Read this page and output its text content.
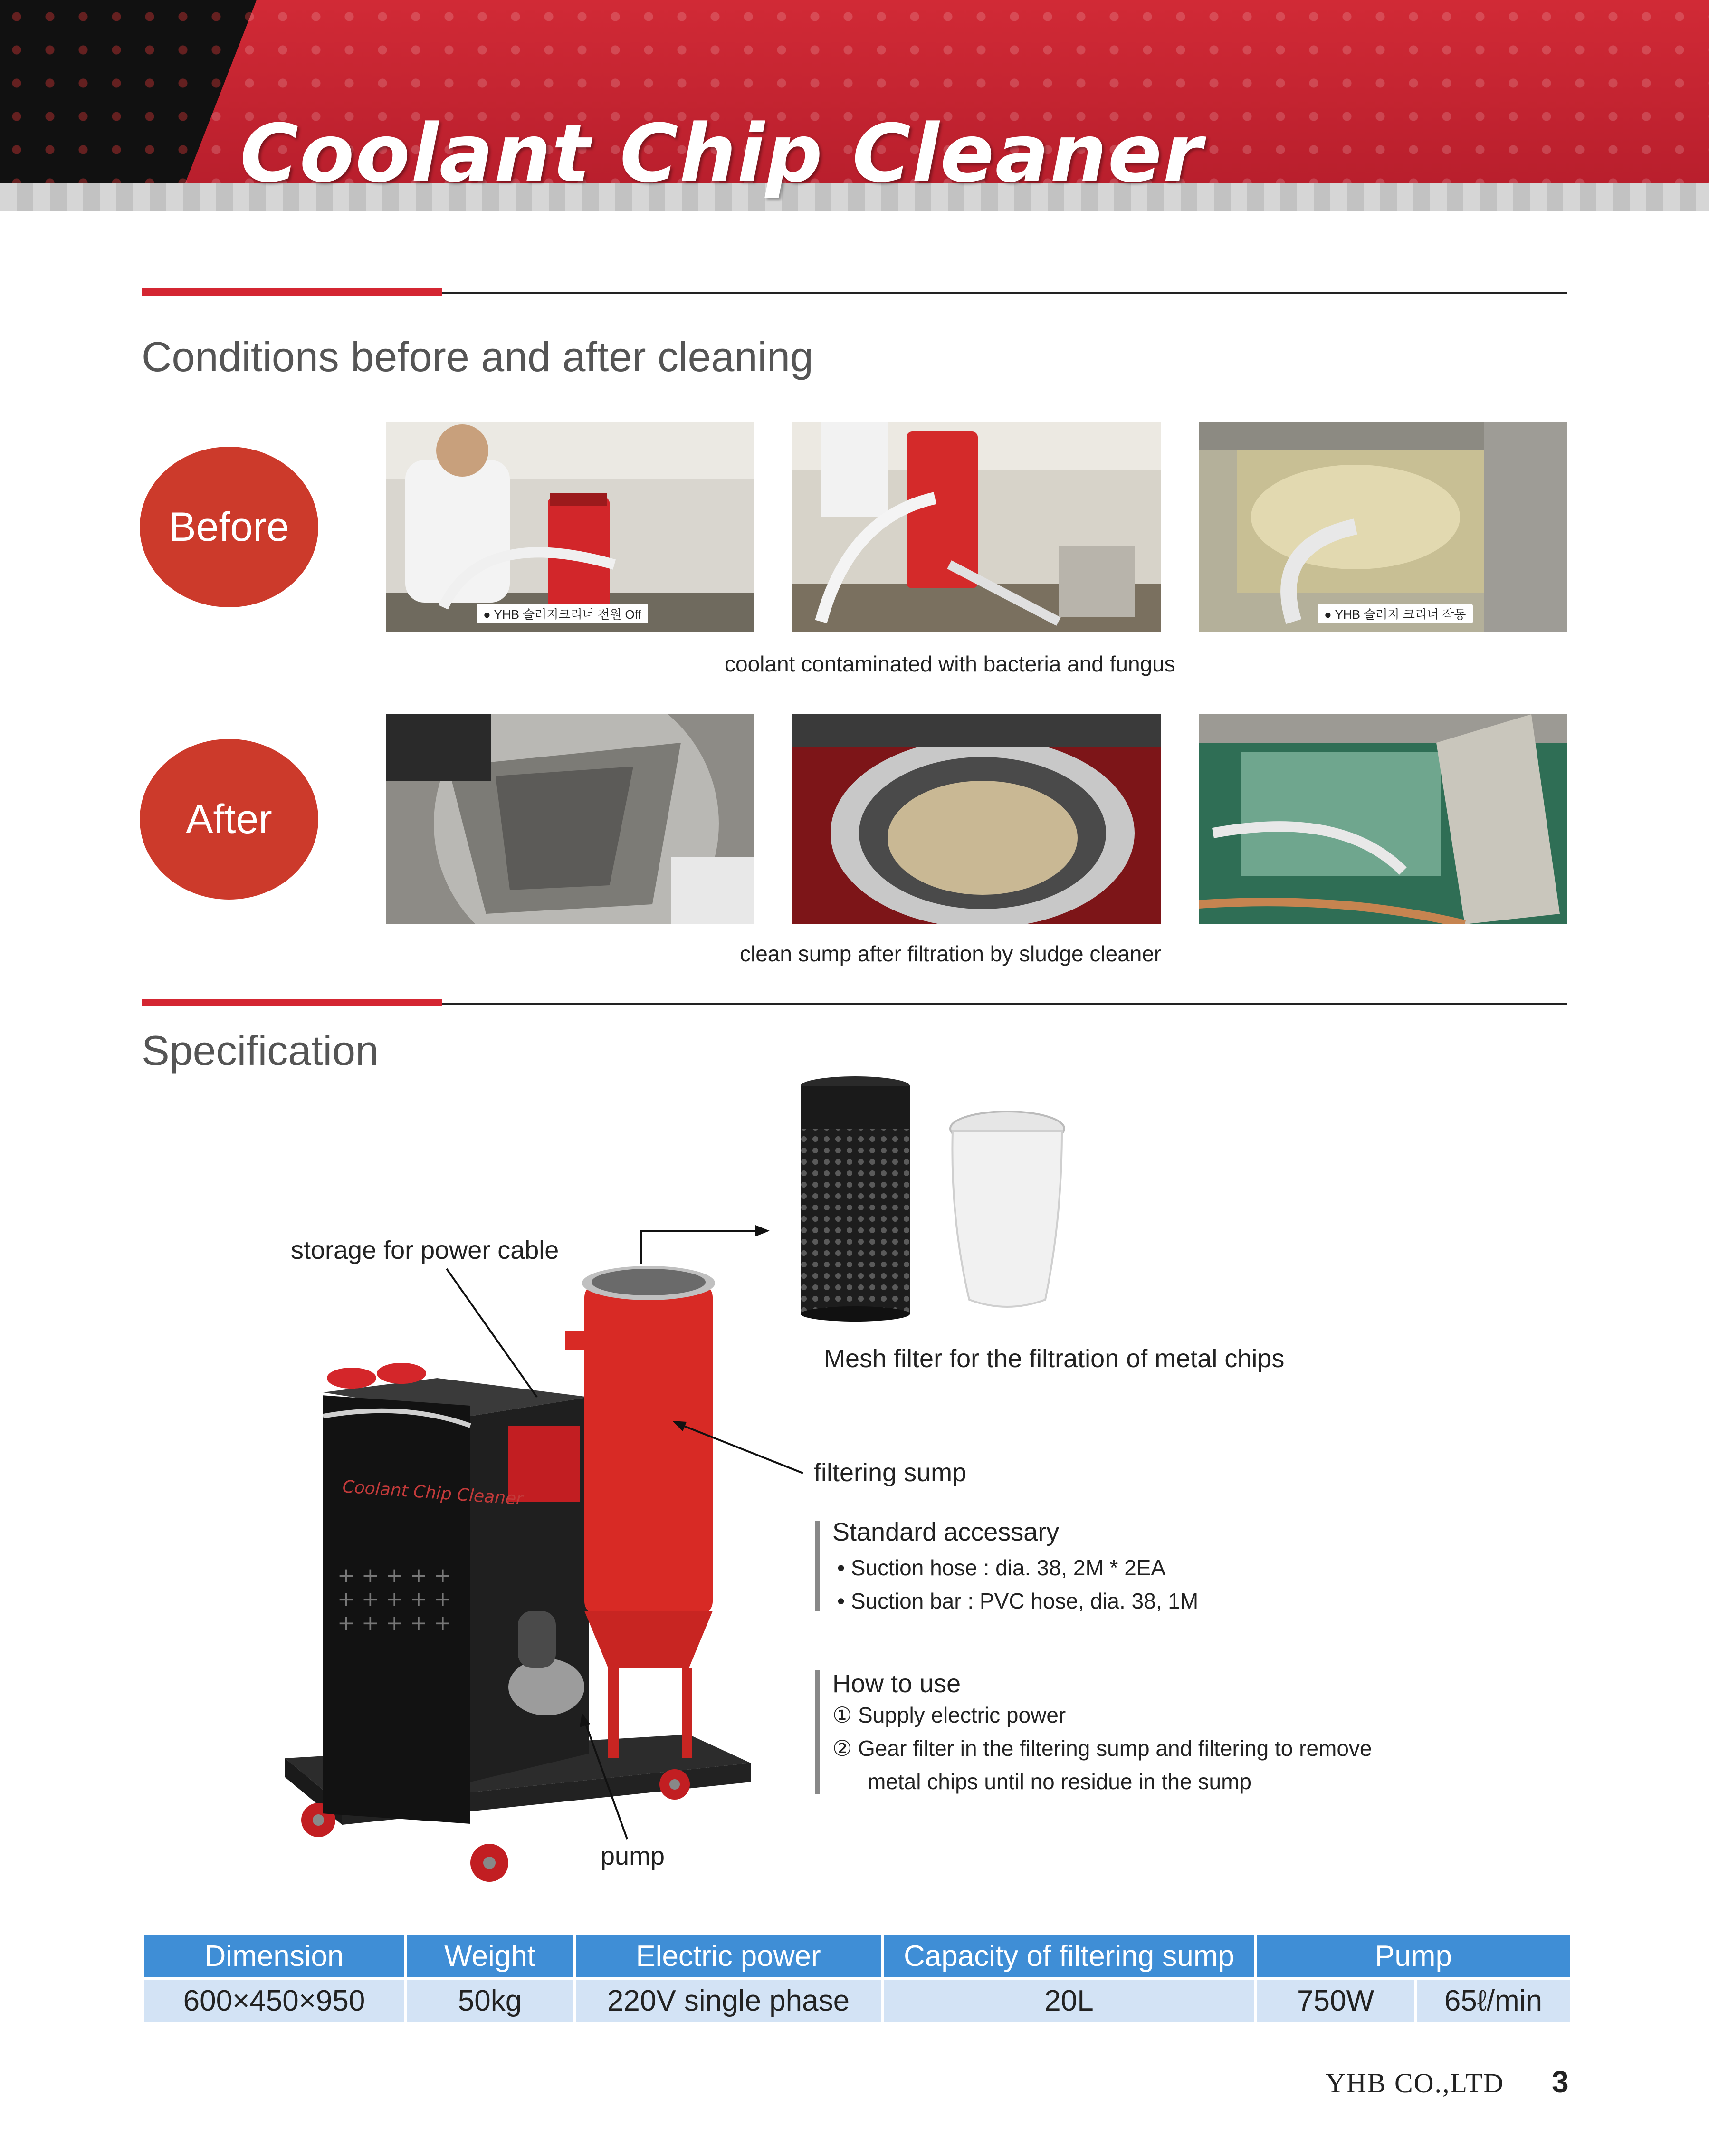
Coolant Chip Cleaner
Conditions before and after cleaning
Before
After
● YHB 슬러지크리너 전원 Off	● YHB 슬러지 크리너 작동
coolant contaminated with bacteria and fungus
clean sump after filtration by sludge cleaner
Specification
Mesh filter for the filtration of metal chips
+ + + + +
+ + + + +
+ + + + +
Coolant Chip Cleaner
storage for power cable
filtering sump
pump
Standard accessary
• Suction hose : dia. 38, 2M * 2EA
• Suction bar : PVC hose, dia. 38, 1M
How to use
① Supply electric power
② Gear filter in the filtering sump and filtering to remove
metal chips until no residue in the sump
Dimension	Weight	Electric power	Capacity of filtering sump	Pump	
600×450×950	50kg	220V single phase	20L	750W	65ℓ/min
YHB CO.,LTD 3
